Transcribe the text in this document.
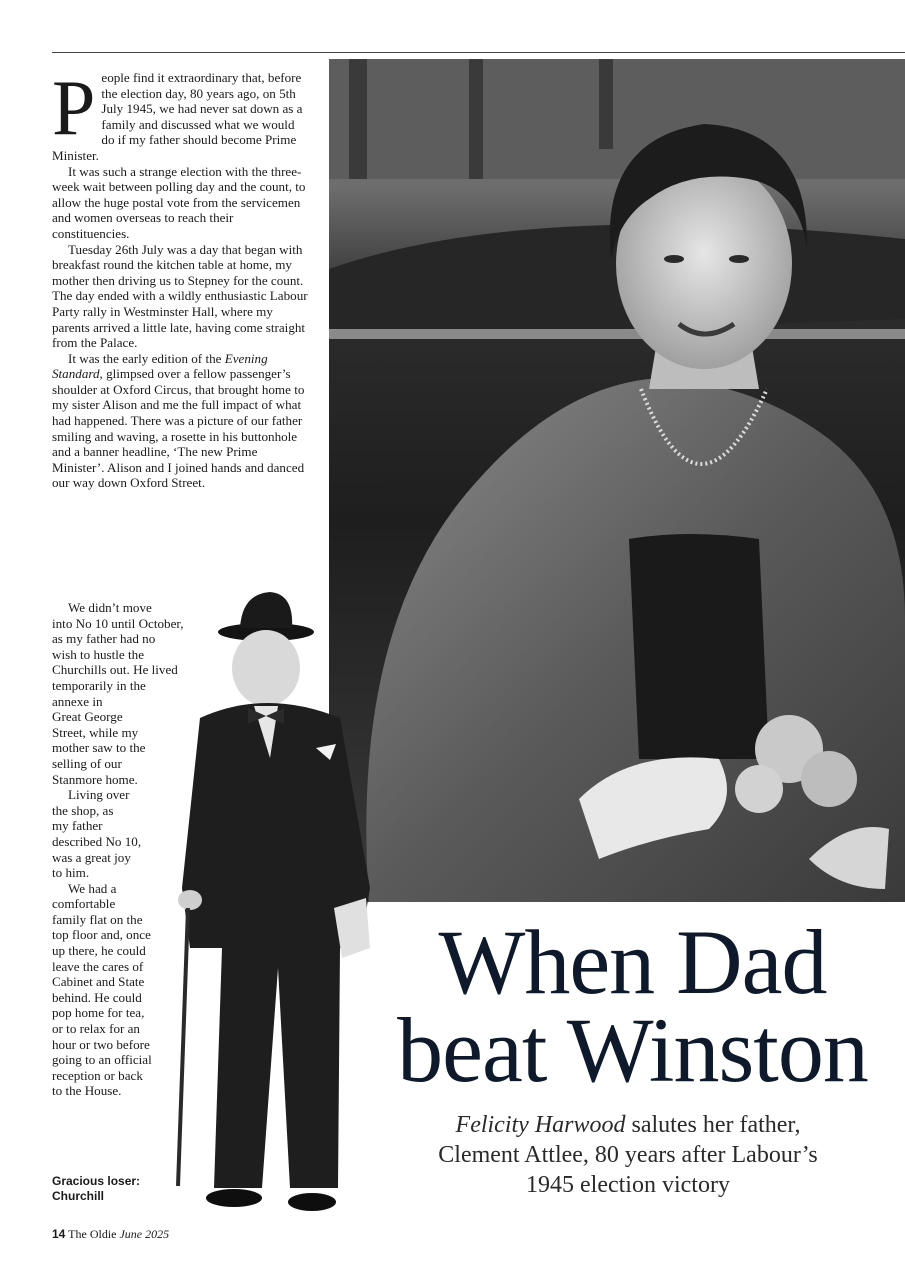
People find it extraordinary that, before the election day, 80 years ago, on 5th July 1945, we had never sat down as a family and discussed what we would do if my father should become Prime Minister.

It was such a strange election with the three-week wait between polling day and the count, to allow the huge postal vote from the servicemen and women overseas to reach their constituencies.

Tuesday 26th July was a day that began with breakfast round the kitchen table at home, my mother then driving us to Stepney for the count. The day ended with a wildly enthusiastic Labour Party rally in Westminster Hall, where my parents arrived a little late, having come straight from the Palace.

It was the early edition of the Evening Standard, glimpsed over a fellow passenger’s shoulder at Oxford Circus, that brought home to my sister Alison and me the full impact of what had happened. There was a picture of our father smiling and waving, a rosette in his buttonhole and a banner headline, ‘The new Prime Minister’. Alison and I joined hands and danced our way down Oxford Street.

We didn’t move
into No 10 until October,
as my father had no
wish to hustle the
Churchills out. He lived
temporarily in the
annexe in
Great George
Street, while my
mother saw to the
selling of our
Stanmore home.
Living over
the shop, as
my father
described No 10,
was a great joy
to him.
We had a
comfortable
family flat on the
top floor and, once
up there, he could
leave the cares of
Cabinet and State
behind. He could
pop home for tea,
or to relax for an
hour or two before
going to an official
reception or back
to the House.
Gracious loser:
Churchill
When Dad
beat Winston
Felicity Harwood salutes her father,
Clement Attlee, 80 years after Labour’s
1945 election victory
14 The Oldie June 2025
